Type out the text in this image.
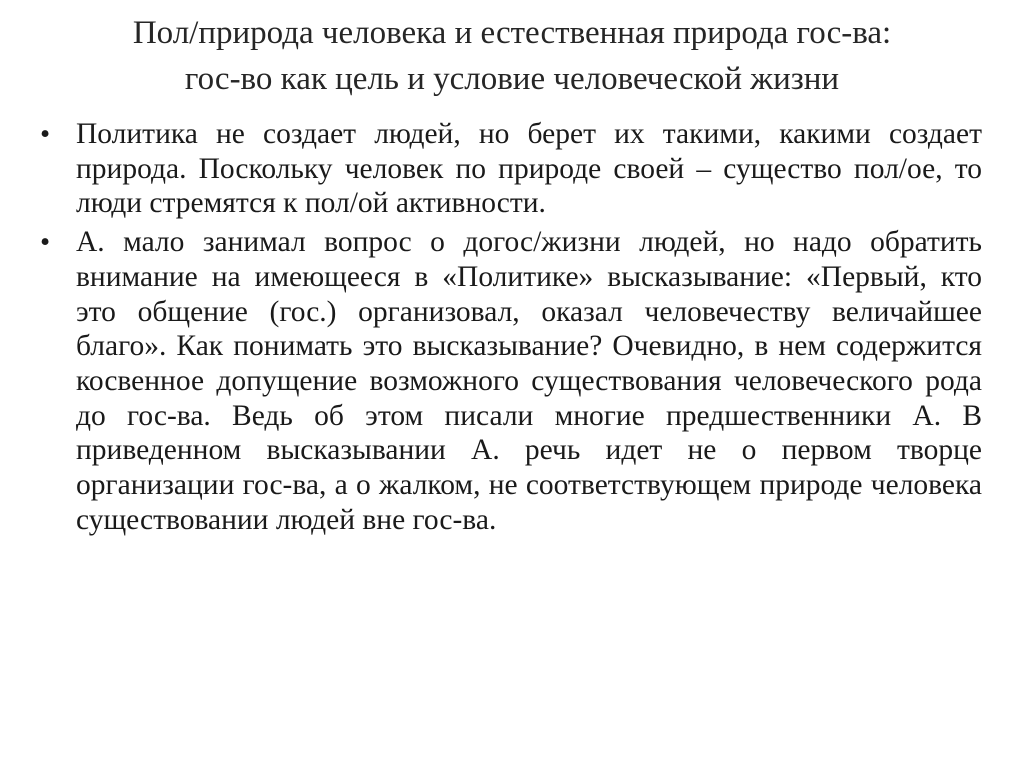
Пол/природа человека и естественная природа гос-ва:
гос-во как цель и условие человеческой жизни
• Политика не создает людей, но берет их такими, какими создает природа. Поскольку человек по природе своей – существо пол/ое, то люди стремятся к пол/ой активности.
• А. мало занимал вопрос о догос/жизни людей, но надо обратить внимание на имеющееся в «Политике» высказывание: «Первый, кто это общение (гос.) организовал, оказал человечеству величайшее благо». Как понимать это высказывание? Очевидно, в нем содержится косвенное допущение возможного существования человеческого рода до гос-ва. Ведь об этом писали многие предшественники А. В приведенном высказывании А. речь идет не о первом творце организации гос-ва, а о жалком, не соответствующем природе человека существовании людей вне гос-ва.
